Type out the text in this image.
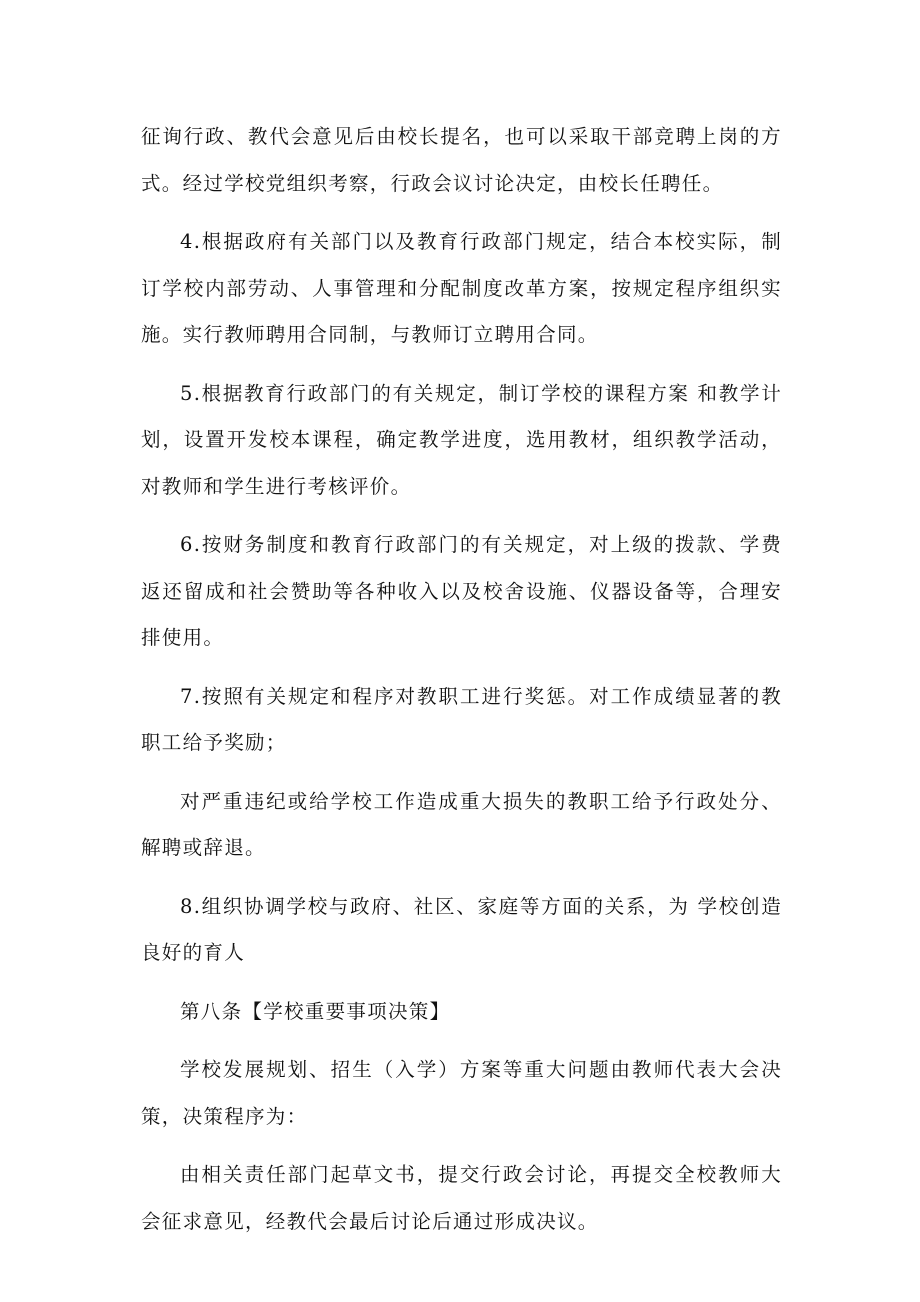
征询行政、教代会意见后由校长提名，也可以采取干部竞聘上岗的方式。经过学校党组织考察，行政会议讨论决定，由校长任聘任。

4.根据政府有关部门以及教育行政部门规定，结合本校实际，制订学校内部劳动、人事管理和分配制度改革方案，按规定程序组织实施。实行教师聘用合同制，与教师订立聘用合同。

5.根据教育行政部门的有关规定，制订学校的课程方案 和教学计划，设置开发校本课程，确定教学进度，选用教材，组织教学活动，对教师和学生进行考核评价。

6.按财务制度和教育行政部门的有关规定，对上级的拨款、学费返还留成和社会赞助等各种收入以及校舍设施、仪器设备等，合理安排使用。

7.按照有关规定和程序对教职工进行奖惩。对工作成绩显著的教职工给予奖励；

对严重违纪或给学校工作造成重大损失的教职工给予行政处分、解聘或辞退。

8.组织协调学校与政府、社区、家庭等方面的关系，为 学校创造良好的育人

第八条【学校重要事项决策】

学校发展规划、招生（入学）方案等重大问题由教师代表大会决策，决策程序为：

由相关责任部门起草文书，提交行政会讨论，再提交全校教师大会征求意见，经教代会最后讨论后通过形成决议。
